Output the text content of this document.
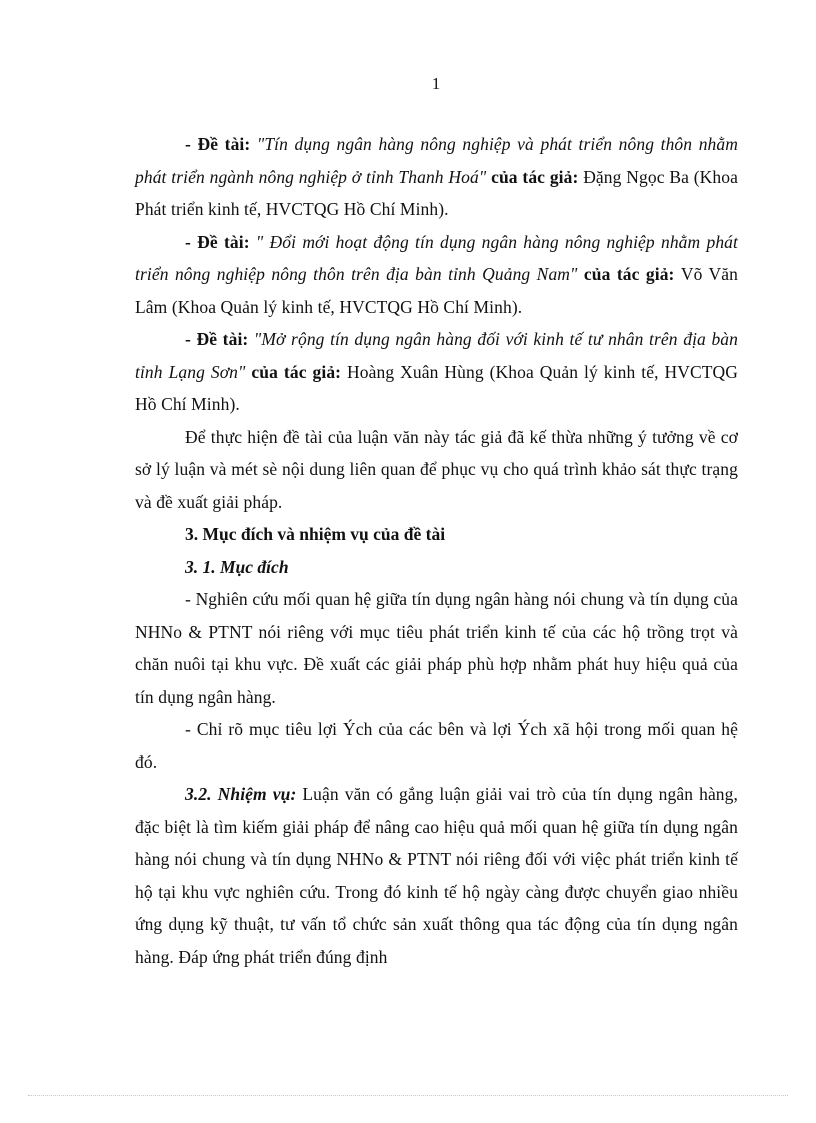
1

- Đề tài: "Tín dụng ngân hàng nông nghiệp và phát triển nông thôn nhằm phát triển ngành nông nghiệp ở tỉnh Thanh Hoá" của tác giả: Đặng Ngọc Ba (Khoa Phát triển kinh tế, HVCTQG Hồ Chí Minh).

- Đề tài: " Đổi mới hoạt động tín dụng ngân hàng nông nghiệp nhằm phát triển nông nghiệp nông thôn trên địa bàn tỉnh Quảng Nam" của tác giả: Võ Văn Lâm (Khoa Quản lý kinh tế, HVCTQG Hồ Chí Minh).

- Đề tài: "Mở rộng tín dụng ngân hàng đối với kinh tế tư nhân trên địa bàn tỉnh Lạng Sơn" của tác giả: Hoàng Xuân Hùng (Khoa Quản lý kinh tế, HVCTQG Hồ Chí Minh).

Để thực hiện đề tài của luận văn này tác giả đã kế thừa những ý tưởng về cơ sở lý luận và mét sè nội dung liên quan để phục vụ cho quá trình khảo sát thực trạng và đề xuất giải pháp.

3. Mục đích và nhiệm vụ của đề tài

3. 1. Mục đích

- Nghiên cứu mối quan hệ giữa tín dụng ngân hàng nói chung và tín dụng của NHNo & PTNT nói riêng với mục tiêu phát triển kinh tế của các hộ trồng trọt và chăn nuôi tại khu vực. Đề xuất các giải pháp phù hợp nhằm phát huy hiệu quả của tín dụng ngân hàng.

- Chỉ rõ mục tiêu lợi Ých của các bên và lợi Ých xã hội trong mối quan hệ đó.

3.2. Nhiệm vụ: Luận văn có gắng luận giải vai trò của tín dụng ngân hàng, đặc biệt là tìm kiếm giải pháp để nâng cao hiệu quả mối quan hệ giữa tín dụng ngân hàng nói chung và tín dụng NHNo & PTNT nói riêng đối với việc phát triển kinh tế hộ tại khu vực nghiên cứu. Trong đó kinh tế hộ ngày càng được chuyển giao nhiều ứng dụng kỹ thuật, tư vấn tổ chức sản xuất thông qua tác động của tín dụng ngân hàng. Đáp ứng phát triển đúng định
